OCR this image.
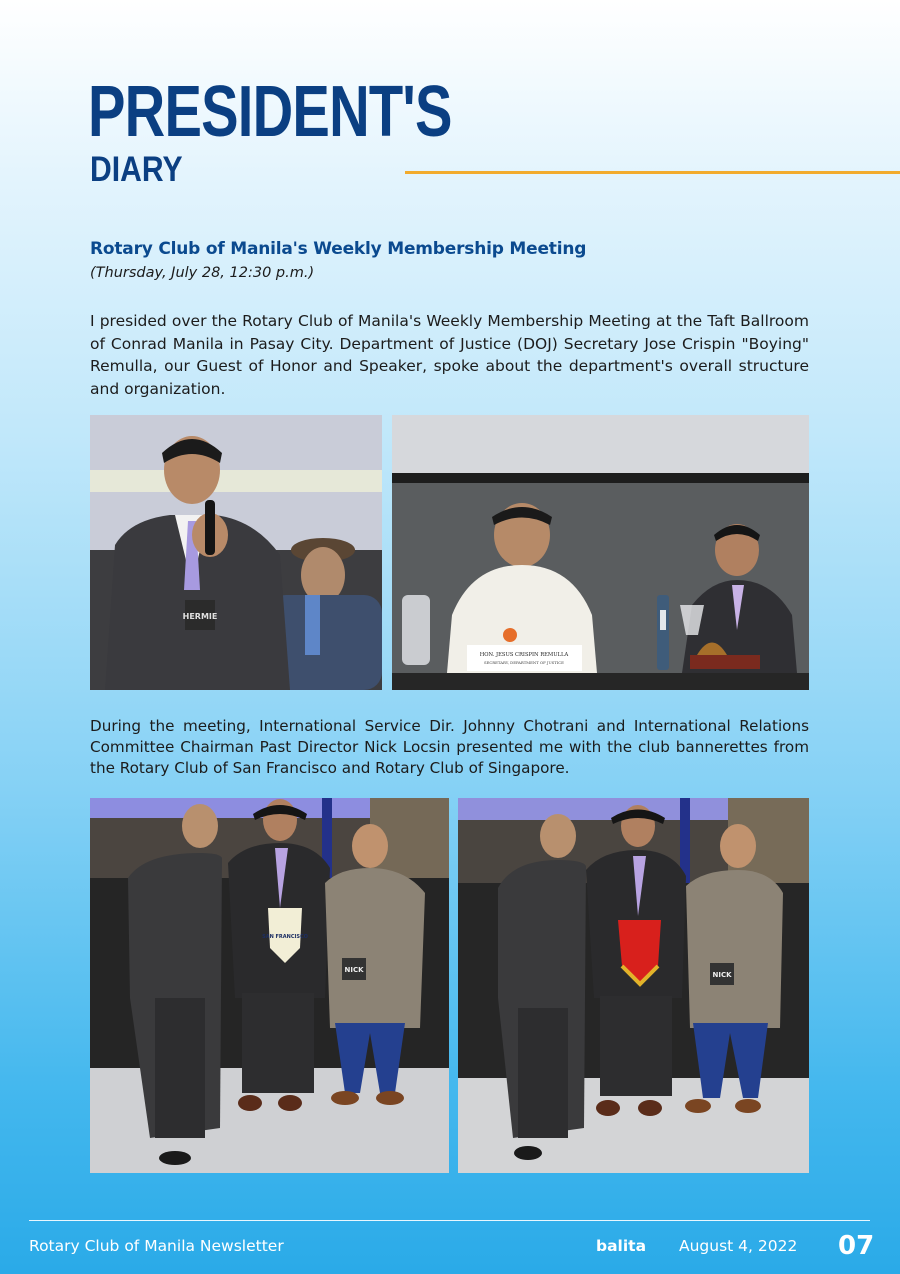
PRESIDENT'S
DIARY
Rotary Club of Manila's Weekly Membership Meeting

(Thursday, July 28, 12:30 p.m.)

I presided over the Rotary Club of Manila's Weekly Membership Meeting at the Taft Ballroom of Conrad Manila in Pasay City. Department of Justice (DOJ) Secretary Jose Crispin "Boying" Remulla, our Guest of Honor and Speaker, spoke about the department's overall structure and organization.

HERMIE
HON. JESUS CRISPIN REMULLA
SECRETARY, DEPARTMENT OF JUSTICE

During the meeting, International Service Dir. Johnny Chotrani and International Relations Committee Chairman Past Director Nick Locsin presented me with the club bannerettes from the Rotary Club of San Francisco and Rotary Club of Singapore.

SAN FRANCISCO
NICK
NICK
Rotary Club of Manila Newsletter	balita August 4, 2022 07
